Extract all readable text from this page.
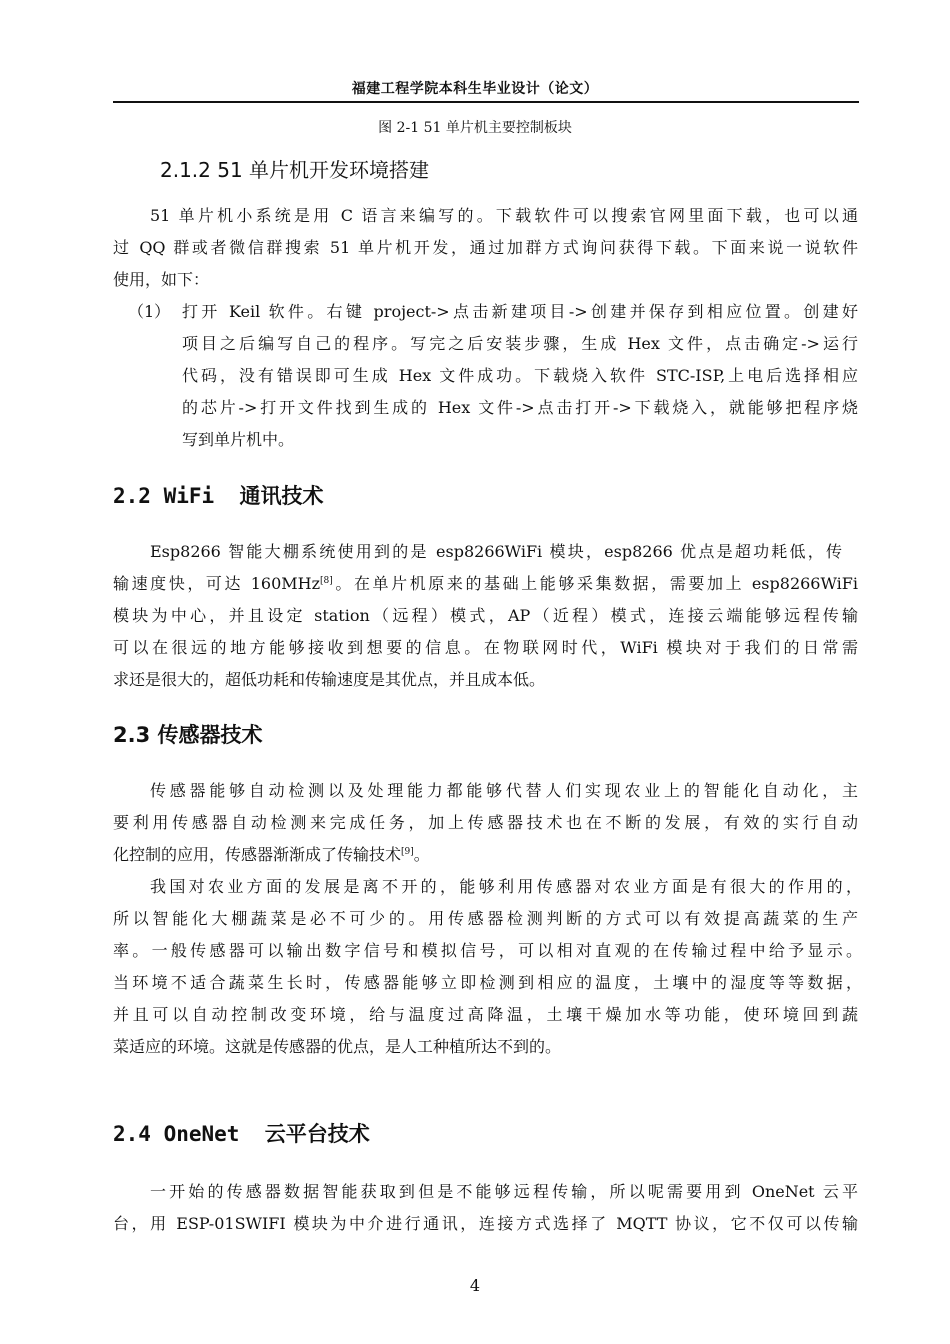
福建工程学院本科生毕业设计（论文）
图 2-1 51 单片机主要控制板块
2.1.2 51 单片机开发环境搭建
51 单片机小系统是用 C 语言来编写的。下载软件可以搜索官网里面下载，也可以通
过 QQ 群或者微信群搜索 51 单片机开发，通过加群方式询问获得下载。下面来说一说软件
使用，如下：
（1） 打开 Keil 软件。右键 project->点击新建项目->创建并保存到相应位置。创建好
项目之后编写自己的程序。写完之后安装步骤，生成 Hex 文件，点击确定->运行
代码，没有错误即可生成 Hex 文件成功。下载烧入软件 STC-ISP,上电后选择相应
的芯片->打开文件找到生成的 Hex 文件->点击打开->下载烧入，就能够把程序烧
写到单片机中。
2.2 WiFi 通讯技术
Esp8266 智能大棚系统使用到的是 esp8266WiFi 模块，esp8266 优点是超功耗低，传
输速度快，可达 160MHz[8]。在单片机原来的基础上能够采集数据，需要加上 esp8266WiFi
模块为中心，并且设定 station（远程）模式，AP（近程）模式，连接云端能够远程传输
可以在很远的地方能够接收到想要的信息。在物联网时代，WiFi 模块对于我们的日常需
求还是很大的，超低功耗和传输速度是其优点，并且成本低。
2.3 传感器技术
传感器能够自动检测以及处理能力都能够代替人们实现农业上的智能化自动化，主
要利用传感器自动检测来完成任务，加上传感器技术也在不断的发展，有效的实行自动
化控制的应用，传感器渐渐成了传输技术[9]。
我国对农业方面的发展是离不开的，能够利用传感器对农业方面是有很大的作用的，
所以智能化大棚蔬菜是必不可少的。用传感器检测判断的方式可以有效提高蔬菜的生产
率。一般传感器可以输出数字信号和模拟信号，可以相对直观的在传输过程中给予显示。
当环境不适合蔬菜生长时，传感器能够立即检测到相应的温度，土壤中的湿度等等数据，
并且可以自动控制改变环境，给与温度过高降温，土壤干燥加水等功能，使环境回到蔬
菜适应的环境。这就是传感器的优点，是人工种植所达不到的。
2.4 OneNet 云平台技术
一开始的传感器数据智能获取到但是不能够远程传输，所以呢需要用到 OneNet 云平
台，用 ESP-01SWIFI 模块为中介进行通讯，连接方式选择了 MQTT 协议，它不仅可以传输
4
